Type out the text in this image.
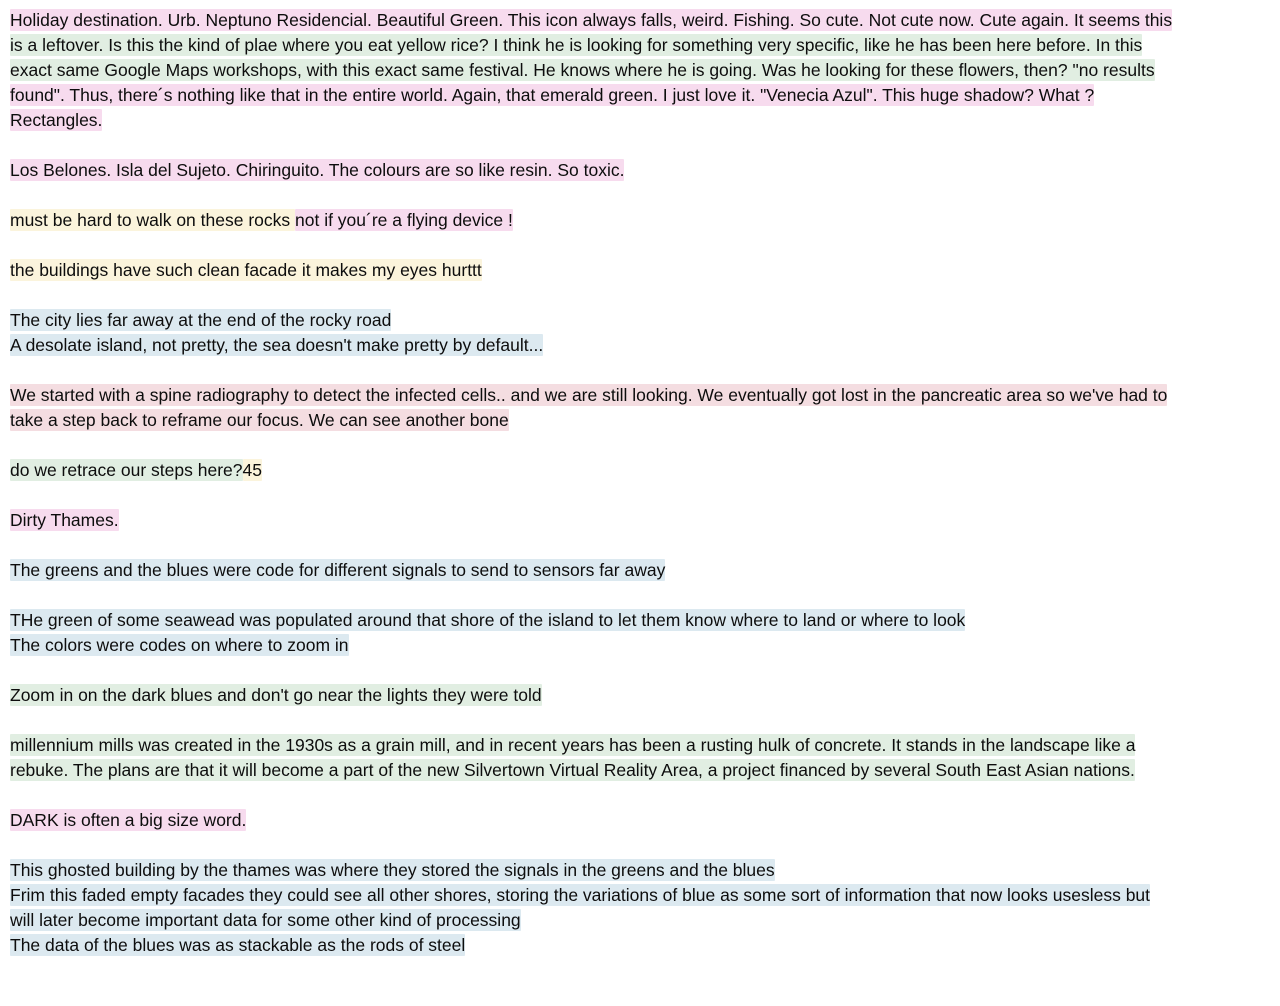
Holiday destination. Urb. Neptuno Residencial. Beautiful Green. This icon always falls, weird. Fishing. So cute. Not cute now. Cute again. It seems this
is a leftover. Is this the kind of plae where you eat yellow rice? I think he is looking for something very specific, like he has been here before. In this
exact same Google Maps workshops, with this exact same festival. He knows where he is going. Was he looking for these flowers, then? "no results
found". Thus, there´s nothing like that in the entire world. Again, that emerald green. I just love it. "Venecia Azul". This huge shadow? What ?
Rectangles.
Los Belones. Isla del Sujeto. Chiringuito. The colours are so like resin. So toxic.
must be hard to walk on these rocks not if you´re a flying device !
the buildings have such clean facade it makes my eyes hurttt
The city lies far away at the end of the rocky road
A desolate island, not pretty, the sea doesn't make pretty by default...
We started with a spine radiography to detect the infected cells.. and we are still looking. We eventually got lost in the pancreatic area so we've had to
take a step back to reframe our focus. We can see another bone
do we retrace our steps here?45
Dirty Thames.
The greens and the blues were code for different signals to send to sensors far away
THe green of some seawead was populated around that shore of the island to let them know where to land or where to look
The colors were codes on where to zoom in
Zoom in on the dark blues and don't go near the lights they were told
millennium mills was created in the 1930s as a grain mill, and in recent years has been a rusting hulk of concrete. It stands in the landscape like a
rebuke. The plans are that it will become a part of the new Silvertown Virtual Reality Area, a project financed by several South East Asian nations.
DARK is often a big size word.
This ghosted building by the thames was where they stored the signals in the greens and the blues
Frim this faded empty facades they could see all other shores, storing the variations of blue as some sort of information that now looks usesless but
will later become important data for some other kind of processing
The data of the blues was as stackable as the rods of steel
